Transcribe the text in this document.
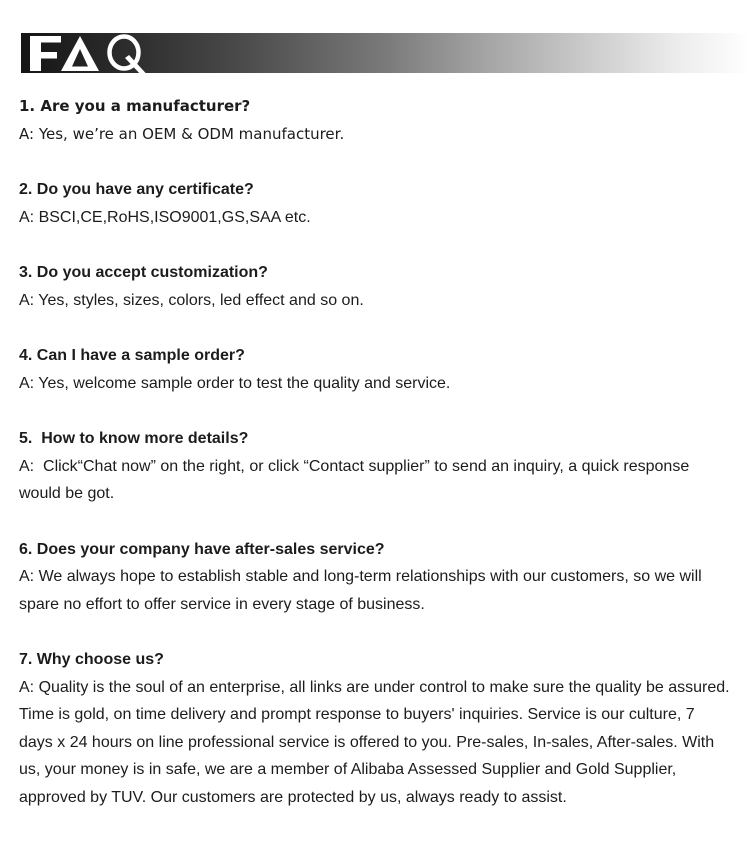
1. Are you a manufacturer?
A: Yes, we’re an OEM & ODM manufacturer.
2. Do you have any certificate?
A: BSCI,CE,RoHS,ISO9001,GS,SAA etc.
3. Do you accept customization?
A: Yes, styles, sizes, colors, led effect and so on.
4. Can I have a sample order?
A: Yes, welcome sample order to test the quality and service.
5.  How to know more details?
A:  Click“Chat now” on the right, or click “Contact supplier” to send an inquiry, a quick response would be got.
6. Does your company have after-sales service?
A: We always hope to establish stable and long-term relationships with our customers, so we will spare no effort to offer service in every stage of business.
7. Why choose us?
A: Quality is the soul of an enterprise, all links are under control to make sure the quality be assured. Time is gold, on time delivery and prompt response to buyers' inquiries. Service is our culture, 7 days x 24 hours on line professional service is offered to you. Pre-sales, In-sales, After-sales. With us, your money is in safe, we are a member of Alibaba Assessed Supplier and Gold Supplier, approved by TUV. Our customers are protected by us, always ready to assist.
